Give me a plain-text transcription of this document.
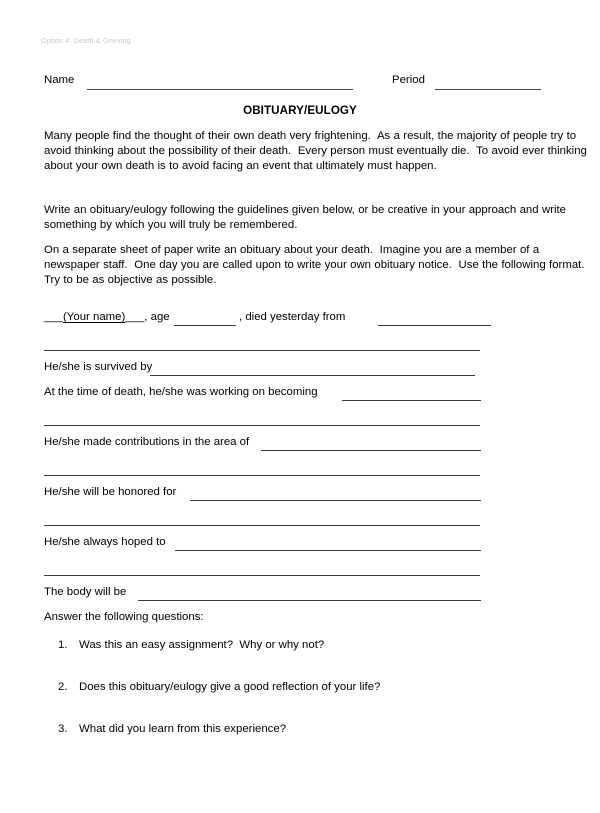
Option 4  Death & Grieving
Name	Period
OBITUARY/EULOGY
Many people find the thought of their own death very frightening.  As a result, the majority of people try to avoid thinking about the possibility of their death.  Every person must eventually die.  To avoid ever thinking about your own death is to avoid facing an event that ultimately must happen.
Write an obituary/eulogy following the guidelines given below, or be creative in your approach and write something by which you will truly be remembered.
On a separate sheet of paper write an obituary about your death.  Imagine you are a member of a newspaper staff.  One day you are called upon to write your own obituary notice.  Use the following format.  Try to be as objective as possible.
___(Your name)___, age	, died yesterday from
He/she is survived by
At the time of death, he/she was working on becoming
He/she made contributions in the area of
He/she will be honored for
He/she always hoped to
The body will be
Answer the following questions:

1.

	Was this an easy assignment?  Why or why not?

2.

	Does this obituary/eulogy give a good reflection of your life?

3.

	What did you learn from this experience?
